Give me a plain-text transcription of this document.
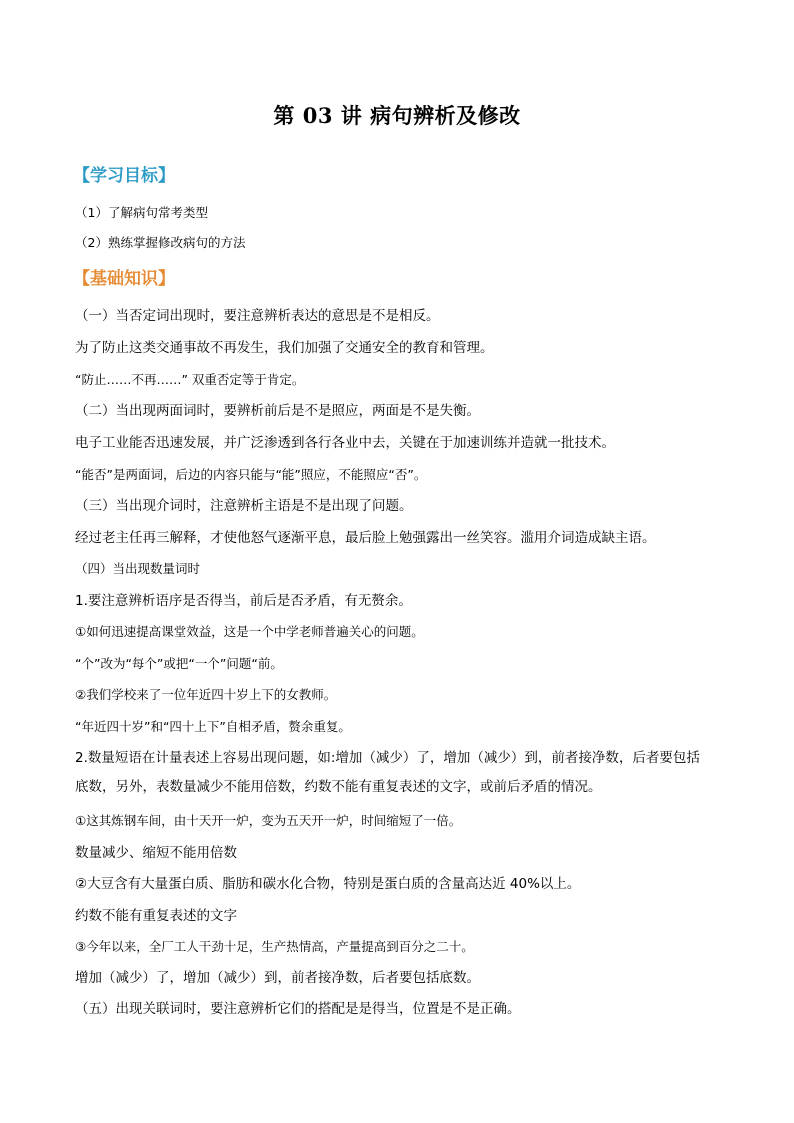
第 03 讲 病句辨析及修改
【学习目标】
（1）了解病句常考类型
（2）熟练掌握修改病句的方法
【基础知识】
（一）当否定词出现时，要注意辨析表达的意思是不是相反。
为了防止这类交通事故不再发生，我们加强了交通安全的教育和管理。
“防止……不再……” 双重否定等于肯定。
（二）当出现两面词时，要辨析前后是不是照应，两面是不是失衡。
电子工业能否迅速发展，并广泛渗透到各行各业中去，关键在于加速训练并造就一批技术。
“能否”是两面词，后边的内容只能与“能”照应，不能照应“否”。
（三）当出现介词时，注意辨析主语是不是出现了问题。
经过老主任再三解释，才使他怒气逐渐平息，最后脸上勉强露出一丝笑容。滥用介词造成缺主语。
（四）当出现数量词时
1.要注意辨析语序是否得当，前后是否矛盾，有无赘余。
①如何迅速提高课堂效益，这是一个中学老师普遍关心的问题。
“个”改为“每个”或把“一个”问题“前。
②我们学校来了一位年近四十岁上下的女教师。
“年近四十岁”和“四十上下”自相矛盾，赘余重复。
2.数量短语在计量表述上容易出现问题，如:增加（减少）了，增加（减少）到，前者接净数，后者要包括
底数，另外，表数量减少不能用倍数，约数不能有重复表述的文字，或前后矛盾的情况。
①这其炼钢车间，由十天开一炉，变为五天开一炉，时间缩短了一倍。
数量减少、缩短不能用倍数
②大豆含有大量蛋白质、脂肪和碳水化合物，特别是蛋白质的含量高达近 40%以上。
约数不能有重复表述的文字
③今年以来，全厂工人干劲十足，生产热情高，产量提高到百分之二十。
增加（减少）了，增加（减少）到，前者接净数，后者要包括底数。
（五）出现关联词时，要注意辨析它们的搭配是是得当，位置是不是正确。
